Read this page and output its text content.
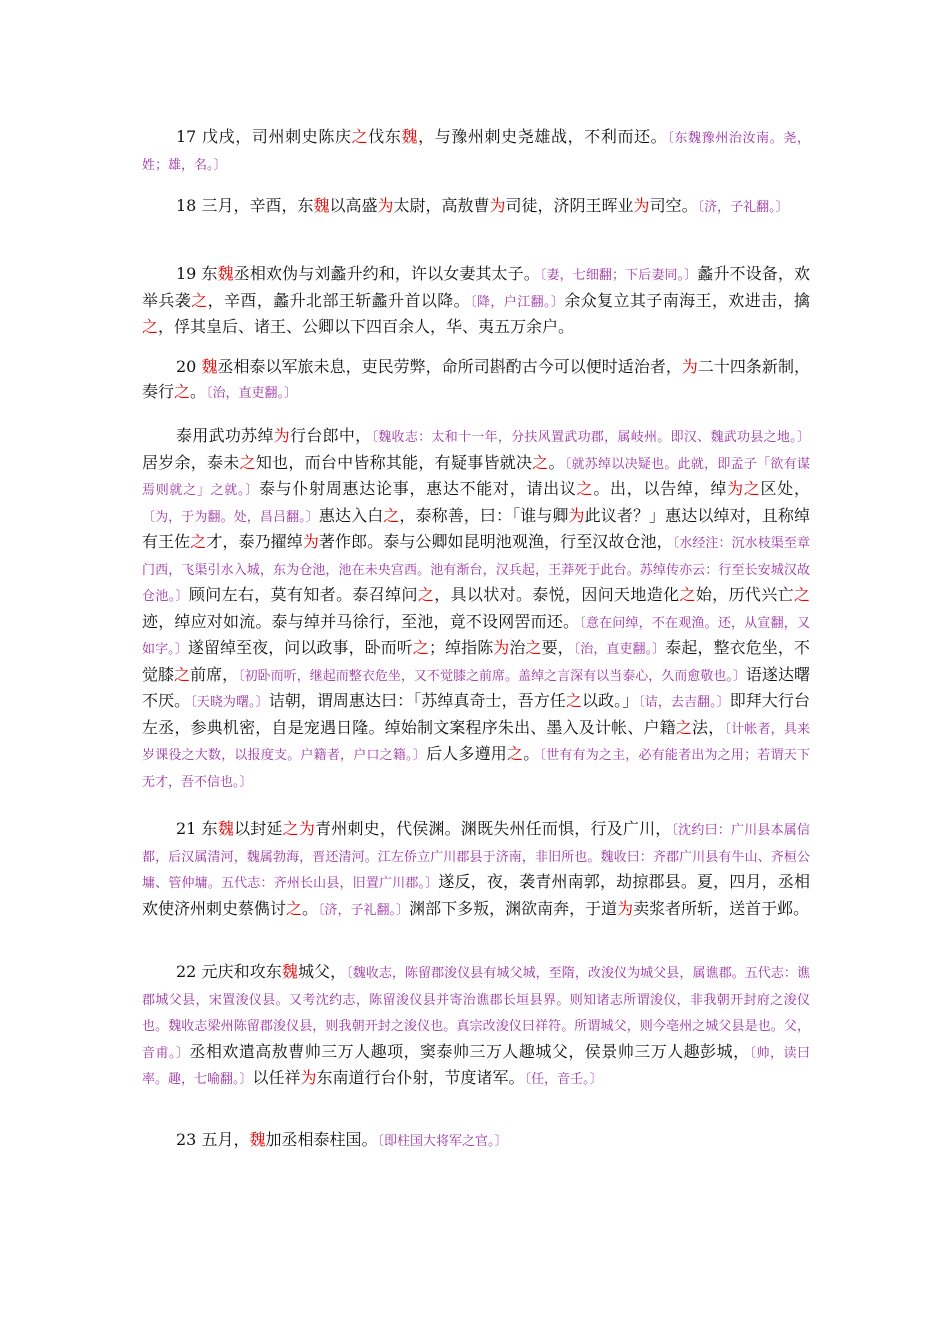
17 戊戌，司州刺史陈庆之伐东魏，与豫州刺史尧雄战，不利而还。〔东魏豫州治汝南。尧，姓；雄，名。〕

18 三月，辛酉，东魏以高盛为太尉，高敖曹为司徒，济阴王晖业为司空。〔济，子礼翻。〕

19 东魏丞相欢伪与刘蠡升约和，许以女妻其太子。〔妻，七细翻；下后妻同。〕蠡升不设备，欢举兵袭之，辛酉，蠡升北部王斩蠡升首以降。〔降，户江翻。〕余众复立其子南海王，欢进击，擒之，俘其皇后、诸王、公卿以下四百余人，华、夷五万余户。

20 魏丞相泰以军旅未息，吏民劳弊，命所司斟酌古今可以便时适治者，为二十四条新制，奏行之。〔治，直吏翻。〕

泰用武功苏绰为行台郎中，〔魏收志：太和十一年，分扶风置武功郡，属岐州。即汉、魏武功县之地。〕居岁余，泰未之知也，而台中皆称其能，有疑事皆就决之。〔就苏绰以决疑也。此就，即孟子「欲有谋焉则就之」之就。〕泰与仆射周惠达论事，惠达不能对，请出议之。出，以告绰，绰为之区处，〔为，于为翻。处，昌吕翻。〕惠达入白之，泰称善，曰：「谁与卿为此议者？」惠达以绰对，且称绰有王佐之才，泰乃擢绰为著作郎。泰与公卿如昆明池观渔，行至汉故仓池，〔水经注：沉水枝渠至章门西，飞渠引水入城，东为仓池，池在未央宫西。池有渐台，汉兵起，王莽死于此台。苏绰传亦云：行至长安城汉故仓池。〕顾问左右，莫有知者。泰召绰问之，具以状对。泰悦，因问天地造化之始，历代兴亡之迹，绰应对如流。泰与绰并马徐行，至池，竟不设网罟而还。〔意在问绰，不在观渔。还，从宣翻，又如字。〕遂留绰至夜，问以政事，卧而听之；绰指陈为治之要，〔治，直吏翻。〕泰起，整衣危坐，不觉膝之前席，〔初卧而听，继起而整衣危坐，又不觉膝之前席。盖绰之言深有以当泰心，久而愈敬也。〕语遂达曙不厌。〔天晓为曙。〕诘朝，谓周惠达曰：「苏绰真奇士，吾方任之以政。」〔诘，去吉翻。〕即拜大行台左丞，参典机密，自是宠遇日隆。绰始制文案程序朱出、墨入及计帐、户籍之法，〔计帐者，具来岁课役之大数，以报度支。户籍者，户口之籍。〕后人多遵用之。〔世有有为之主，必有能者出为之用；若谓天下无才，吾不信也。〕

21 东魏以封延之为青州刺史，代侯渊。渊既失州任而惧，行及广川，〔沈约曰：广川县本属信都，后汉属清河，魏属勃海，晋还清河。江左侨立广川郡县于济南，非旧所也。魏收曰：齐郡广川县有牛山、齐桓公墉、管仲墉。五代志：齐州长山县，旧置广川郡。〕遂反，夜，袭青州南郭，劫掠郡县。夏，四月，丞相欢使济州刺史蔡儁讨之。〔济，子礼翻。〕渊部下多叛，渊欲南奔，于道为卖浆者所斩，送首于邺。

22 元庆和攻东魏城父，〔魏收志，陈留郡浚仪县有城父城，至隋，改浚仪为城父县，属谯郡。五代志：谯郡城父县，宋置浚仪县。又考沈约志，陈留浚仪县并寄治谯郡长垣县界。则知诸志所谓浚仪，非我朝开封府之浚仪也。魏收志梁州陈留郡浚仪县，则我朝开封之浚仪也。真宗改浚仪曰祥符。所谓城父，则今亳州之城父县是也。父，音甫。〕丞相欢遣高敖曹帅三万人趣项，窦泰帅三万人趣城父，侯景帅三万人趣彭城，〔帅，读曰率。趣，七喻翻。〕以任祥为东南道行台仆射，节度诸军。〔任，音壬。〕

23 五月，魏加丞相泰柱国。〔即柱国大将军之官。〕
